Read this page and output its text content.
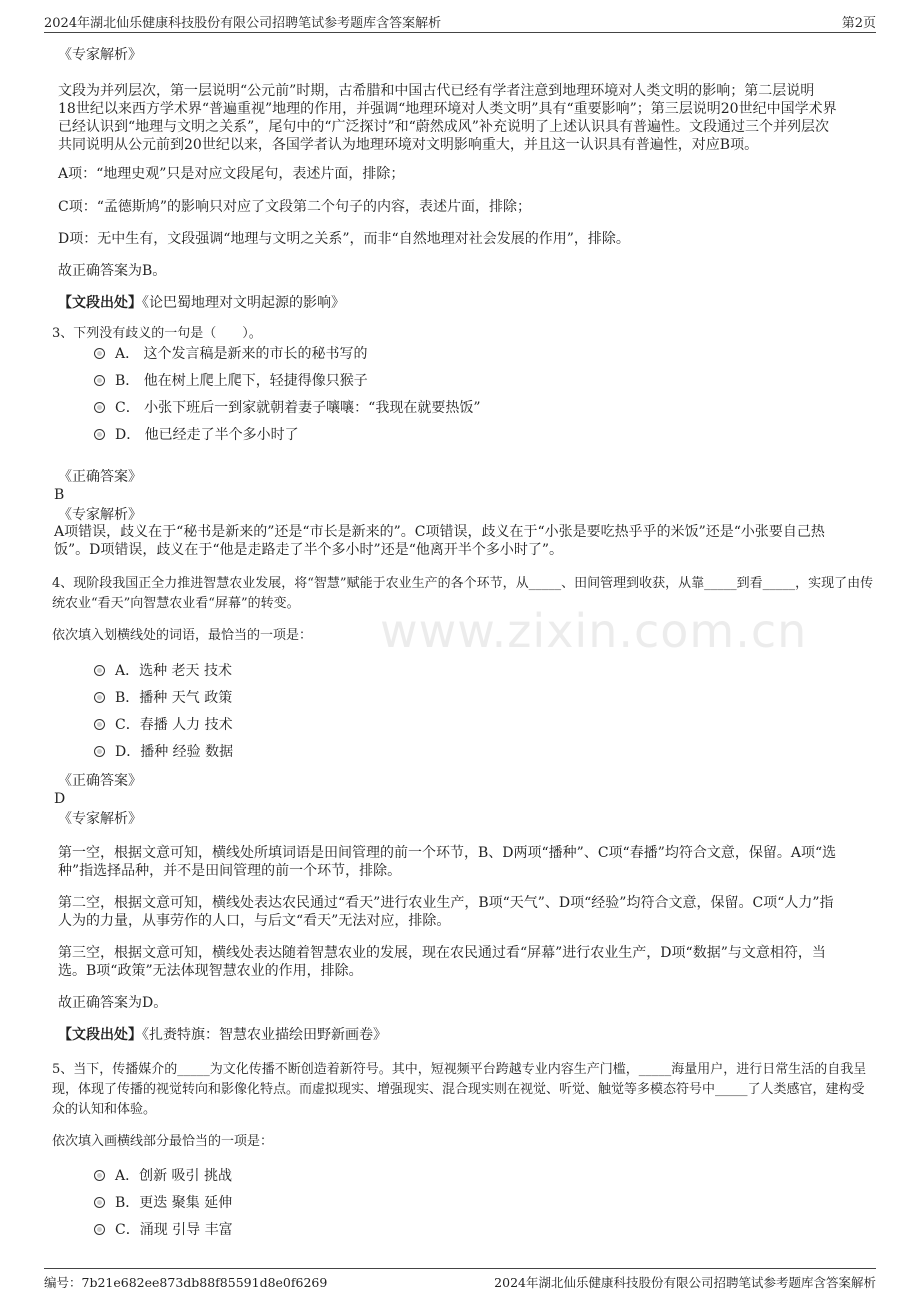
2024年湖北仙乐健康科技股份有限公司招聘笔试参考题库含答案解析	第2页
www.zixin.com.cn
《专家解析》
文段为并列层次，第一层说明“公元前”时期，古希腊和中国古代已经有学者注意到地理环境对人类文明的影响；第二层说明
18世纪以来西方学术界“普遍重视”地理的作用，并强调“地理环境对人类文明”具有“重要影响”；第三层说明20世纪中国学术界
已经认识到“地理与文明之关系”，尾句中的“广泛探讨”和“蔚然成风”补充说明了上述认识具有普遍性。文段通过三个并列层次
共同说明从公元前到20世纪以来，各国学者认为地理环境对文明影响重大，并且这一认识具有普遍性，对应B项。
A项：“地理史观”只是对应文段尾句，表述片面，排除；
C项：“孟德斯鸠”的影响只对应了文段第二个句子的内容，表述片面，排除；
D项：无中生有，文段强调“地理与文明之关系”，而非“自然地理对社会发展的作用”，排除。
故正确答案为B。
【文段出处】《论巴蜀地理对文明起源的影响》
3、下列没有歧义的一句是（　　）。
A． 这个发言稿是新来的市长的秘书写的
B． 他在树上爬上爬下，轻捷得像只猴子
C． 小张下班后一到家就朝着妻子嚷嚷：“我现在就要热饭”
D． 他已经走了半个多小时了
《正确答案》
B
《专家解析》
A项错误，歧义在于“秘书是新来的”还是“市长是新来的”。C项错误，歧义在于“小张是要吃热乎乎的米饭”还是“小张要自己热
饭”。D项错误，歧义在于“他是走路走了半个多小时”还是“他离开半个多小时了”。
4、现阶段我国正全力推进智慧农业发展，将“智慧”赋能于农业生产的各个环节，从_____、田间管理到收获，从靠_____到看_____，实现了由传
统农业“看天”向智慧农业看“屏幕”的转变。
依次填入划横线处的词语，最恰当的一项是：
A．选种 老天 技术
B．播种 天气 政策
C．春播 人力 技术
D．播种 经验 数据
《正确答案》
D
《专家解析》
第一空，根据文意可知，横线处所填词语是田间管理的前一个环节，B、D两项“播种”、C项“春播”均符合文意，保留。A项“选
种”指选择品种，并不是田间管理的前一个环节，排除。
第二空，根据文意可知，横线处表达农民通过“看天”进行农业生产，B项“天气”、D项“经验”均符合文意，保留。C项“人力”指
人为的力量，从事劳作的人口，与后文“看天”无法对应，排除。
第三空，根据文意可知，横线处表达随着智慧农业的发展，现在农民通过看“屏幕”进行农业生产，D项“数据”与文意相符，当
选。B项“政策”无法体现智慧农业的作用，排除。
故正确答案为D。
【文段出处】《扎赉特旗：智慧农业描绘田野新画卷》
5、当下，传播媒介的_____为文化传播不断创造着新符号。其中，短视频平台跨越专业内容生产门槛，_____海量用户，进行日常生活的自我呈
现，体现了传播的视觉转向和影像化特点。而虚拟现实、增强现实、混合现实则在视觉、听觉、触觉等多模态符号中_____了人类感官，建构受
众的认知和体验。
依次填入画横线部分最恰当的一项是：
A．创新 吸引 挑战
B．更迭 聚集 延伸
C．涌现 引导 丰富
编号：7b21e682ee873db88f85591d8e0f6269	2024年湖北仙乐健康科技股份有限公司招聘笔试参考题库含答案解析
